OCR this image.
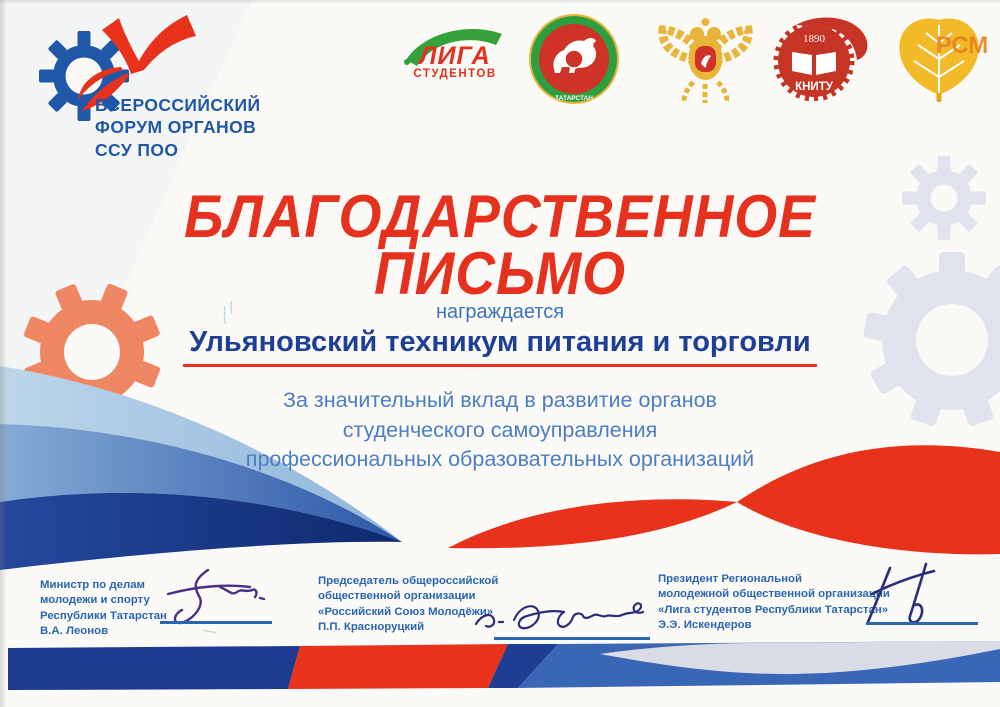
ВСЕРОССИЙСКИЙ
ФОРУМ ОРГАНОВ
ССУ ПОО
ЛИГА
СТУДЕНТОВ
ТАТАРСТАН
1890
КНИТУ
РСМ
БЛАГОДАРСТВЕННОЕ
ПИСЬМО
награждается
Ульяновский техникум питания и торговли
За значительный вклад в развитие органов
студенческого самоуправления
профессиональных образовательных организаций
Министр по делам
молодежи и спорту
Республики Татарстан
В.А. Леонов
Председатель общероссийской
общественной организации
«Российский Союз Молодёжи»
П.П. Красноруцкий
Президент Региональной
молодежной общественной организации
«Лига студентов Республики Татарстан»
Э.Э. Искендеров
